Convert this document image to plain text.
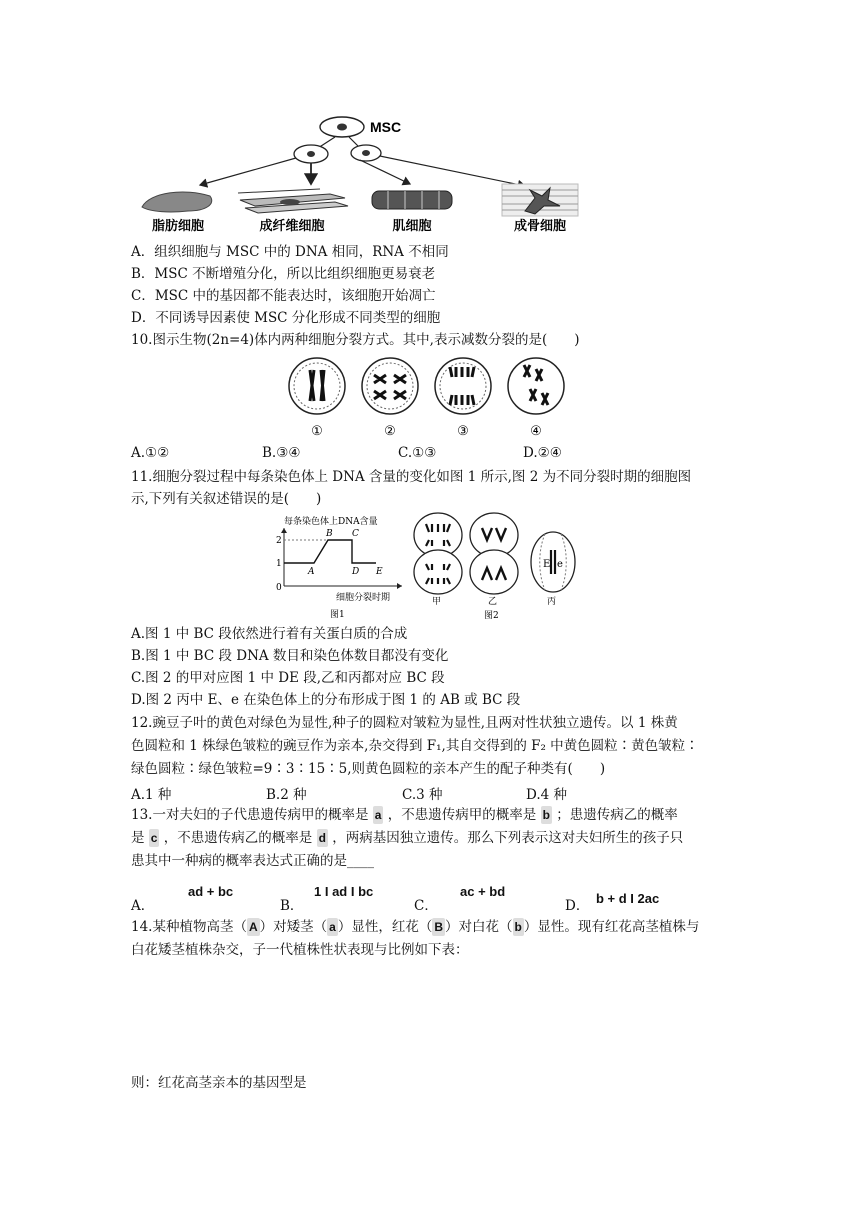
MSC
脂肪细胞	成纤维细胞	肌细胞	成骨细胞
A．组织细胞与 MSC 中的 DNA 相同，RNA 不相同
B．MSC 不断增殖分化，所以比组织细胞更易衰老
C．MSC 中的基因都不能表达时，该细胞开始凋亡
D．不同诱导因素使 MSC 分化形成不同类型的细胞
10.图示生物(2n=4)体内两种细胞分裂方式。其中,表示减数分裂的是(　　)
①	②	③	④
A.①②	B.③④	C.①③	D.②④
11.细胞分裂过程中每条染色体上 DNA 含量的变化如图 1 所示,图 2 为不同分裂时期的细胞图
示,下列有关叙述错误的是(　　)
每条染色体上DNA含量
2
1
0
A
B C
D E
细胞分裂时期
图1
E e
甲	乙	丙
图2
A.图 1 中 BC 段依然进行着有关蛋白质的合成
B.图 1 中 BC 段 DNA 数目和染色体数目都没有变化
C.图 2 的甲对应图 1 中 DE 段,乙和丙都对应 BC 段
D.图 2 丙中 E、e 在染色体上的分布形成于图 1 的 AB 或 BC 段
12.豌豆子叶的黄色对绿色为显性,种子的圆粒对皱粒为显性,且两对性状独立遗传。以 1 株黄
色圆粒和 1 株绿色皱粒的豌豆作为亲本,杂交得到 F₁,其自交得到的 F₂ 中黄色圆粒∶黄色皱粒∶
绿色圆粒∶绿色皱粒=9∶3∶15∶5,则黄色圆粒的亲本产生的配子种类有(　　)
A.1 种	B.2 种	C.3 种	D.4 种
13.一对夫妇的子代患遗传病甲的概率是 a ，不患遗传病甲的概率是 b ；患遗传病乙的概率
是 c ，不患遗传病乙的概率是 d ，两病基因独立遗传。那么下列表示这对夫妇所生的孩子只
患其中一种病的概率表达式正确的是____
A．
ad + bc
B．
1 I ad I bc
C．
ac + bd
D． b + d I 2ac
14.某种植物高茎（ A ）对矮茎（ a ）显性，红花（ B ）对白花（ b ）显性。现有红花高茎植株与
白花矮茎植株杂交，子一代植株性状表现与比例如下表：
则：红花高茎亲本的基因型是
